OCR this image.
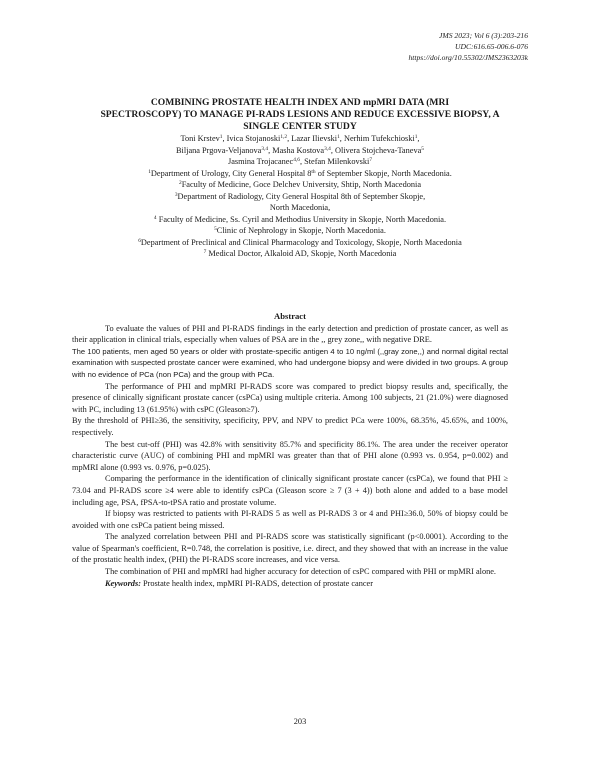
JMS 2023; Vol 6 (3):203-216
UDC:616.65-006.6-076
https://doi.org/10.55302/JMS2363203k
COMBINING PROSTATE HEALTH INDEX AND mpMRI DATA (MRI
SPECTROSCOPY) TO MANAGE PI-RADS LESIONS AND REDUCE EXCESSIVE BIOPSY, A
SINGLE CENTER STUDY
Toni Krstev$^1$, Ivica Stojanoski$^{1,2}$, Lazar Ilievski$^1$, Nerhim Tufekchioski$^1$,
Biljana Prgova-Veljanova$^{3,4}$, Masha Kostova$^{3,4}$, Olivera Stojcheva-Taneva$^5$
Jasmina Trojacanec$^{4,6}$, Stefan Milenkovski$^7$
$^1$Department of Urology, City General Hospital 8th of September Skopje, North Macedonia.
$^2$Faculty of Medicine, Goce Delchev University, Shtip, North Macedonia
$^3$Department of Radiology, City General Hospital 8th of September Skopje,
North Macedonia,
$^4$ Faculty of Medicine, Ss. Cyril and Methodius University in Skopje, North Macedonia.
$^5$Clinic of Nephrology in Skopje, North Macedonia.
$^6$Department of Preclinical and Clinical Pharmacology and Toxicology, Skopje, North Macedonia
$^7$ Medical Doctor, Alkaloid AD, Skopje, North Macedonia

Abstract

To evaluate the values of PHI and PI-RADS findings in the early detection and prediction of prostate cancer, as well as their application in clinical trials, especially when values of PSA are in the ,, grey zone,, with negative DRE.

The 100 patients, men aged 50 years or older with prostate-specific antigen 4 to 10 ng/ml (,,gray zone,,) and normal digital rectal examination with suspected prostate cancer were examined, who had undergone biopsy and were divided in two groups. A group with no evidence of PCa (non PCa) and the group with PCa.

The performance of PHI and mpMRI PI-RADS score was compared to predict biopsy results and, specifically, the presence of clinically significant prostate cancer (csPCa) using multiple criteria. Among 100 subjects, 21 (21.0%) were diagnosed with PC, including 13 (61.95%) with csPC (Gleason≥7).

By the threshold of PHI≥36, the sensitivity, specificity, PPV, and NPV to predict PCa were 100%, 68.35%, 45.65%, and 100%, respectively.

The best cut-off (PHI) was 42.8% with sensitivity 85.7% and specificity 86.1%. The area under the receiver operator characteristic curve (AUC) of combining PHI and mpMRI was greater than that of PHI alone (0.993 vs. 0.954, p=0.002) and mpMRI alone (0.993 vs. 0.976, p=0.025).

Comparing the performance in the identification of clinically significant prostate cancer (csPCa), we found that PHI ≥ 73.04 and PI-RADS score ≥4 were able to identify csPCa (Gleason score ≥ 7 (3 + 4)) both alone and added to a base model including age, PSA, fPSA-to-tPSA ratio and prostate volume.

If biopsy was restricted to patients with PI-RADS 5 as well as PI-RADS 3 or 4 and PHI≥36.0, 50% of biopsy could be avoided with one csPCa patient being missed.

The analyzed correlation between PHI and PI-RADS score was statistically significant (p<0.0001). According to the value of Spearman's coefficient, R=0.748, the correlation is positive, i.e. direct, and they showed that with an increase in the value of the prostatic health index, (PHI) the PI-RADS score increases, and vice versa.

The combination of PHI and mpMRI had higher accuracy for detection of csPC compared with PHI or mpMRI alone.

Keywords: Prostate health index, mpMRI PI-RADS, detection of prostate cancer

203
